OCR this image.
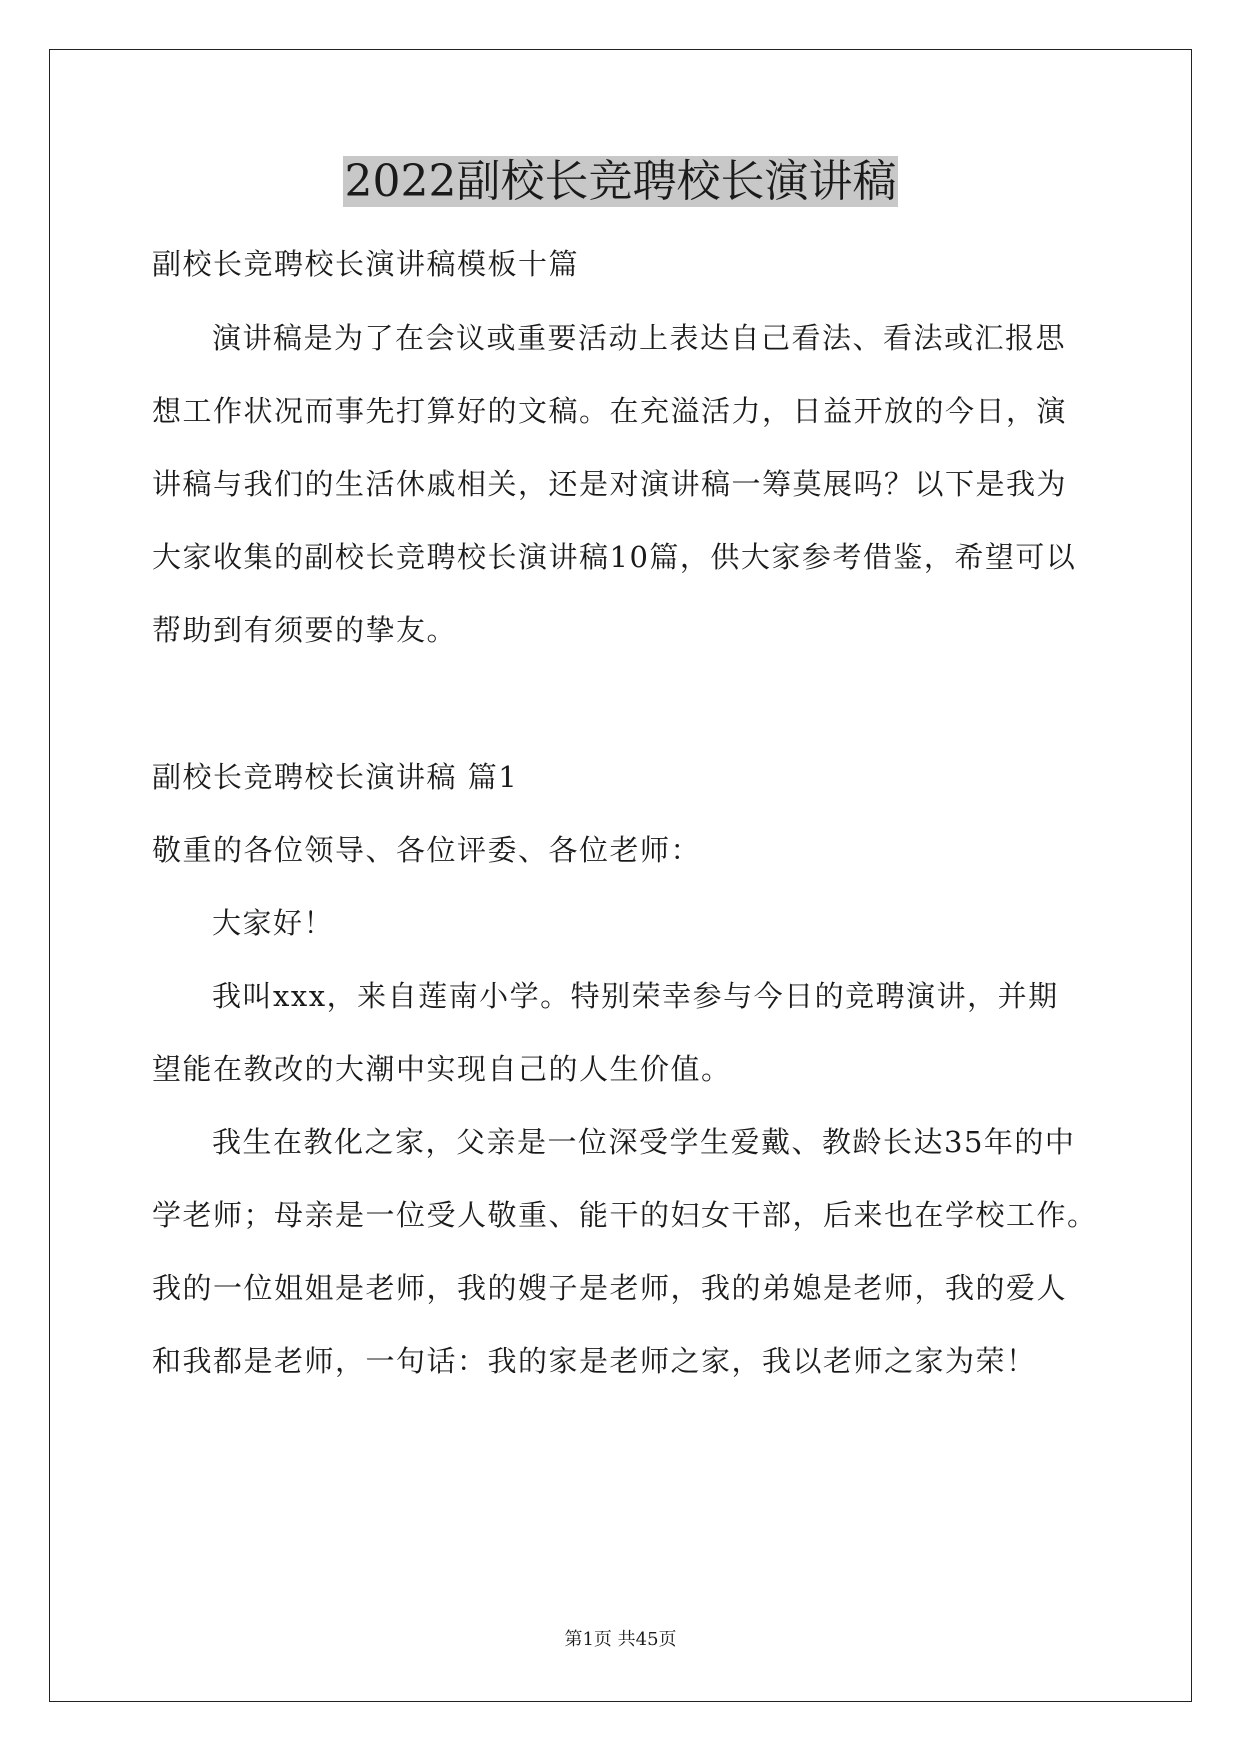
2022副校长竞聘校长演讲稿
副校长竞聘校长演讲稿模板十篇
演讲稿是为了在会议或重要活动上表达自己看法、看法或汇报思
想工作状况而事先打算好的文稿。在充溢活力，日益开放的今日，演
讲稿与我们的生活休戚相关，还是对演讲稿一筹莫展吗？以下是我为
大家收集的副校长竞聘校长演讲稿10篇，供大家参考借鉴，希望可以
帮助到有须要的挚友。
副校长竞聘校长演讲稿 篇1
敬重的各位领导、各位评委、各位老师：
大家好！
我叫xxx，来自莲南小学。特别荣幸参与今日的竞聘演讲，并期
望能在教改的大潮中实现自己的人生价值。
我生在教化之家，父亲是一位深受学生爱戴、教龄长达35年的中
学老师；母亲是一位受人敬重、能干的妇女干部，后来也在学校工作。
我的一位姐姐是老师，我的嫂子是老师，我的弟媳是老师，我的爱人
和我都是老师，一句话：我的家是老师之家，我以老师之家为荣！
第1页 共45页
